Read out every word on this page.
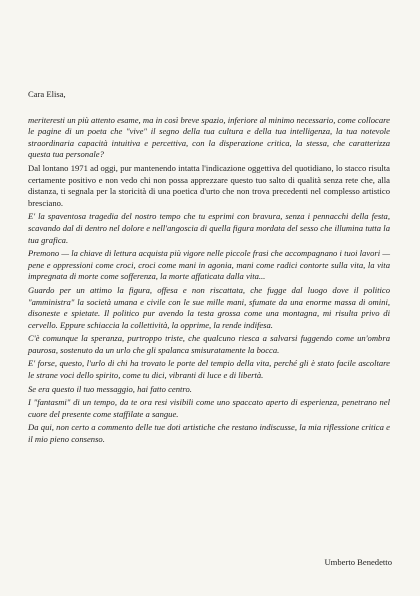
Cara Elisa,

meriteresti un più attento esame, ma in così breve spazio, inferiore al minimo necessario, come collocare le pagine di un poeta che "vive" il segno della tua cultura e della tua intelligenza, la tua notevole straordinaria capacità intuitiva e percettiva, con la disperazione critica, la stessa, che caratterizza questa tua personale?

Dal lontano 1971 ad oggi, pur mantenendo intatta l'indicazione oggettiva del quotidiano, lo stacco risulta certamente positivo e non vedo chi non possa apprezzare questo tuo salto di qualità senza rete che, alla distanza, ti segnala per la storicità di una poetica d'urto che non trova precedenti nel complesso artistico bresciano.

E' la spaventosa tragedia del nostro tempo che tu esprimi con bravura, senza i pennacchi della festa, scavando dal di dentro nel dolore e nell'angoscia di quella figura mordata del sesso che illumina tutta la tua grafica.

Premono — la chiave di lettura acquista più vigore nelle piccole frasi che accompagnano i tuoi lavori — pene e oppressioni come croci, croci come mani in agonia, mani come radici contorte sulla vita, la vita impregnata di morte come sofferenza, la morte affaticata dalla vita...

Guardo per un attimo la figura, offesa e non riscattata, che fugge dal luogo dove il politico "amministra" la società umana e civile con le sue mille mani, sfumate da una enorme massa di omini, disoneste e spietate. Il politico pur avendo la testa grossa come una montagna, mi risulta privo di cervello. Eppure schiaccia la collettività, la opprime, la rende indifesa.

C'è comunque la speranza, purtroppo triste, che qualcuno riesca a salvarsi fuggendo come un'ombra paurosa, sostenuto da un urlo che gli spalanca smisuratamente la bocca.

E' forse, questo, l'urlo di chi ha trovato le porte del tempio della vita, perché gli è stato facile ascoltare le strane voci dello spirito, come tu dici, vibranti di luce e di libertà.

Se era questo il tuo messaggio, hai fatto centro.

I "fantasmi" di un tempo, da te ora resi visibili come uno spaccato aperto di esperienza, penetrano nel cuore del presente come staffilate a sangue.

Da qui, non certo a commento delle tue doti artistiche che restano indiscusse, la mia riflessione critica e il mio pieno consenso.

Umberto Benedetto
